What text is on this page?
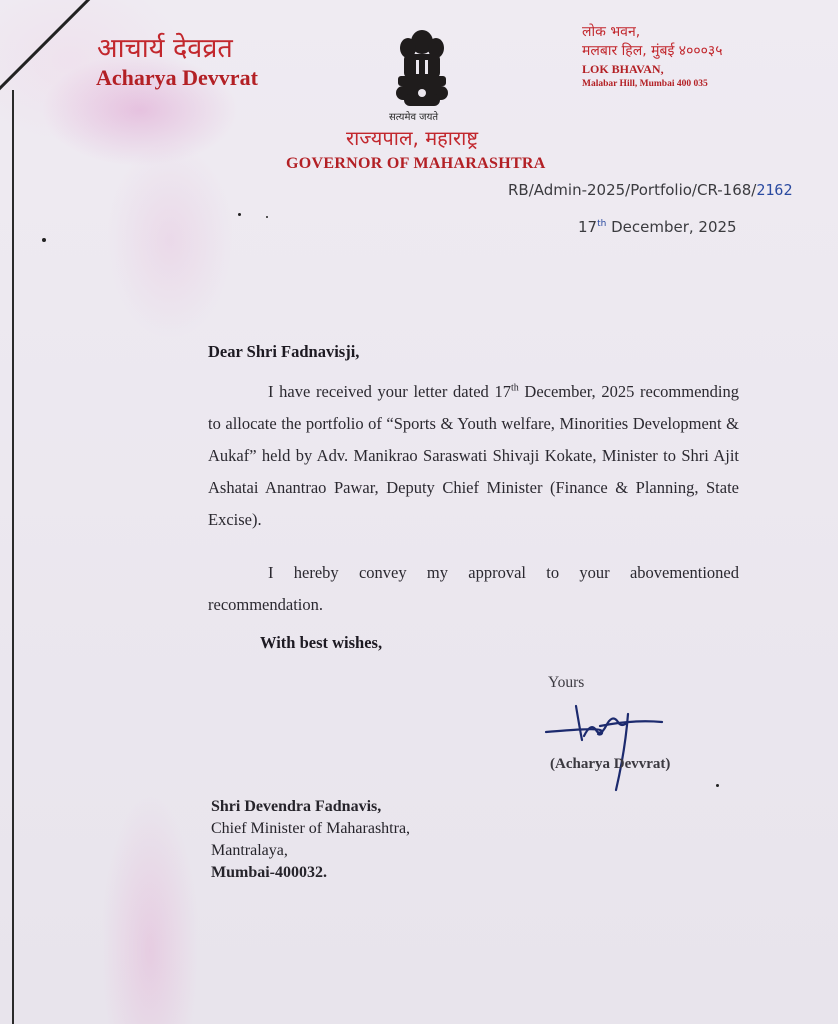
आचार्य देवव्रत
Acharya Devvrat
सत्यमेव जयते
राज्यपाल, महाराष्ट्र
GOVERNOR OF MAHARASHTRA
लोक भवन,
मलबार हिल, मुंबई ४०००३५
LOK BHAVAN,
Malabar Hill, Mumbai 400 035
RB/Admin-2025/Portfolio/CR-168/2162
17th December, 2025
Dear Shri Fadnavisji,
I have received your letter dated 17th December, 2025 recommending to allocate the portfolio of “Sports & Youth welfare, Minorities Development & Aukaf” held by Adv. Manikrao Saraswati Shivaji Kokate, Minister to Shri Ajit Ashatai Anantrao Pawar, Deputy Chief Minister (Finance & Planning, State Excise).
I hereby convey my approval to your abovementioned recommendation.
With best wishes,
Yours
(Acharya Devvrat)
Shri Devendra Fadnavis,
Chief Minister of Maharashtra,
Mantralaya,
Mumbai-400032.
